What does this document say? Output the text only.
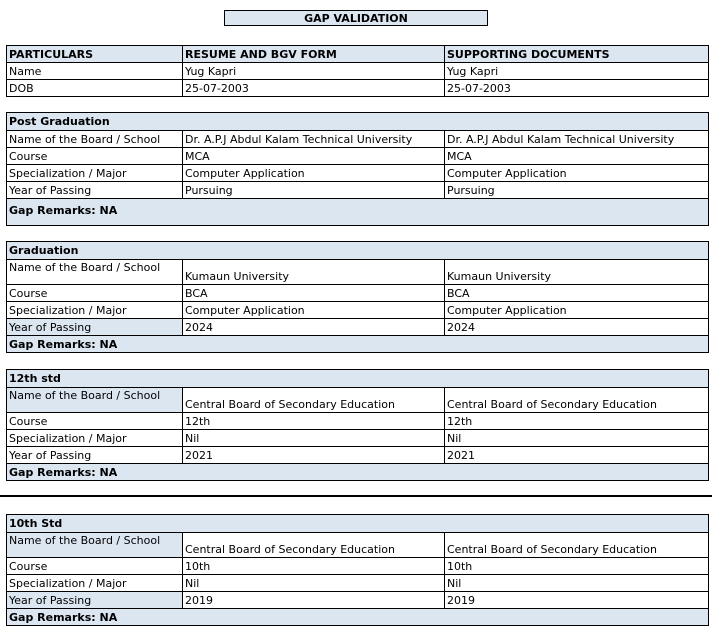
GAP VALIDATION
PARTICULARS	RESUME AND BGV FORM	SUPPORTING DOCUMENTS
Name	Yug Kapri	Yug Kapri
DOB	25-07-2003	25-07-2003
Post Graduation		
Name of the Board / School	Dr. A.P.J Abdul Kalam Technical University	Dr. A.P.J Abdul Kalam Technical University
Course	MCA	MCA
Specialization / Major	Computer Application	Computer Application
Year of Passing	Pursuing	Pursuing
Gap Remarks: NA		
Graduation		
Name of the Board / School	Kumaun University	Kumaun University
Course	BCA	BCA
Specialization / Major	Computer Application	Computer Application
Year of Passing	2024	2024
Gap Remarks: NA		
12th std		
Name of the Board / School	Central Board of Secondary Education	Central Board of Secondary Education
Course	12th	12th
Specialization / Major	Nil	Nil
Year of Passing	2021	2021
Gap Remarks: NA		
10th Std		
Name of the Board / School	Central Board of Secondary Education	Central Board of Secondary Education
Course	10th	10th
Specialization / Major	Nil	Nil
Year of Passing	2019	2019
Gap Remarks: NA		
